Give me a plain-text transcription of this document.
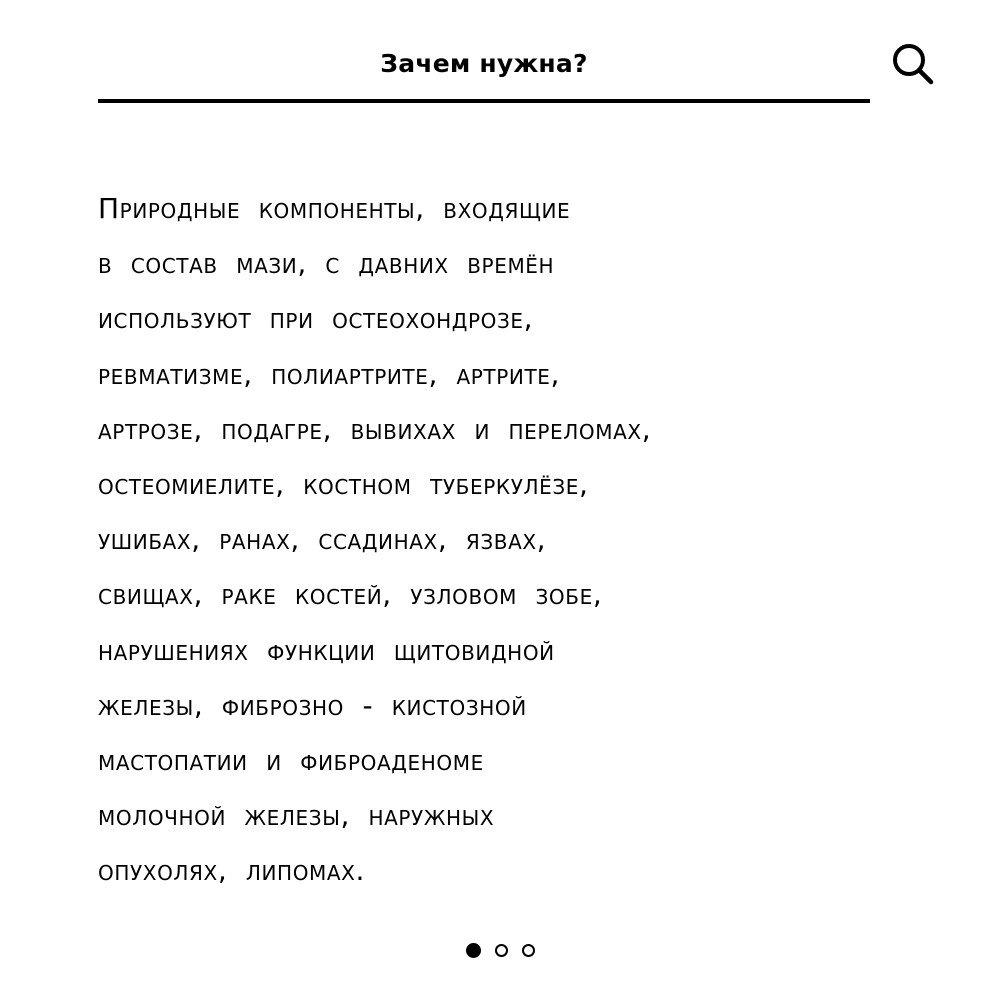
Зачем нужна?

Природные компоненты, входящие
в состав мази, с давних времён
используют при остеохондрозе,
ревматизме, полиартрите, артрите,
артрозе, подагре, вывихах и переломах,
остеомиелите, костном туберкулёзе,
ушибах, ранах, ссадинах, язвах,
свищах, раке костей, узловом зобе,
нарушениях функции щитовидной
железы, фиброзно - кистозной
мастопатии и фиброаденоме
молочной железы, наружных
опухолях, липомах.
